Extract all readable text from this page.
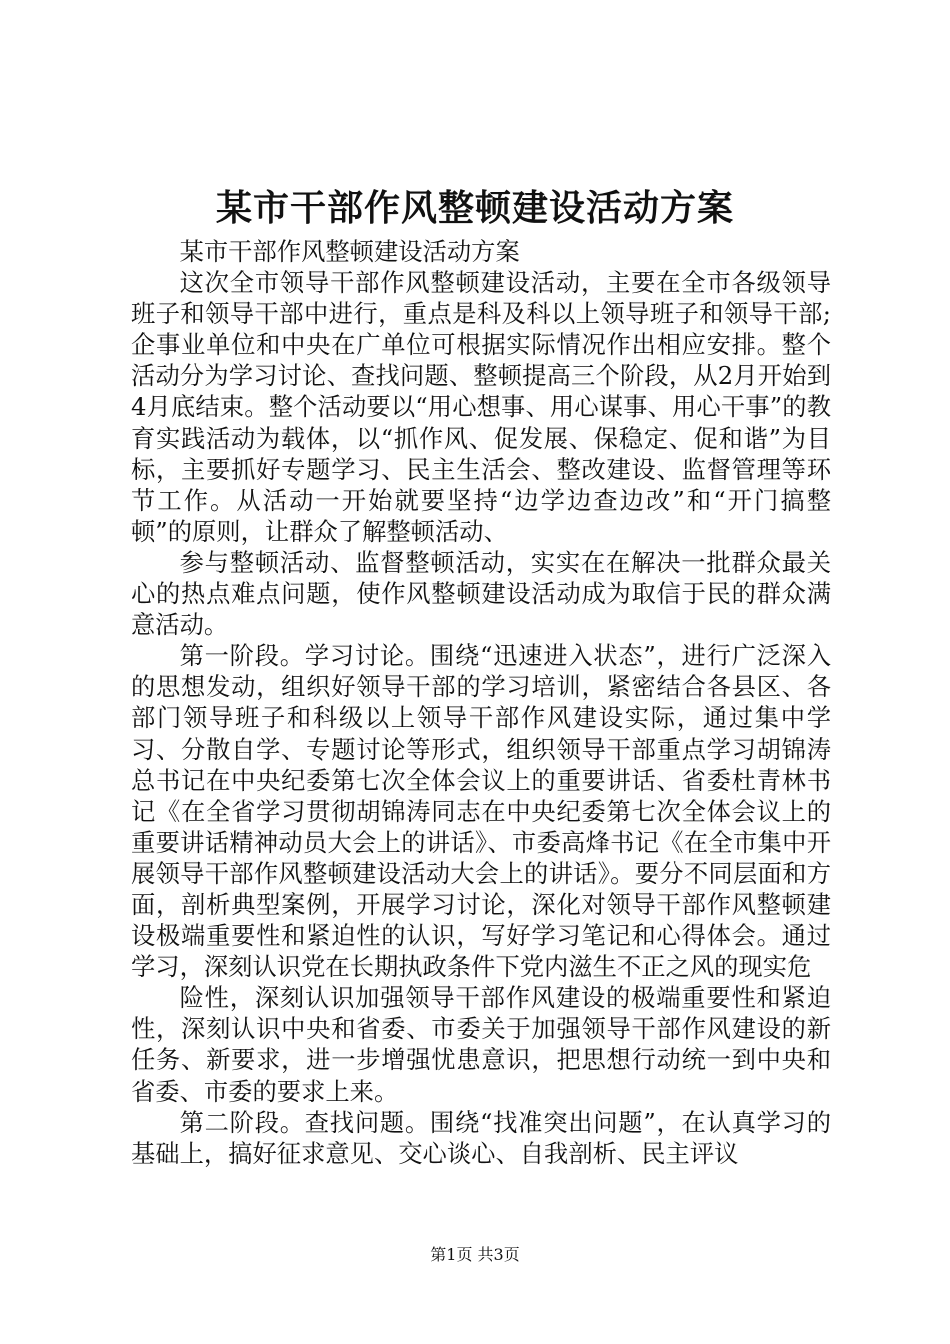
某市干部作风整顿建设活动方案

某市干部作风整顿建设活动方案

这次全市领导干部作风整顿建设活动，主要在全市各级领导班子和领导干部中进行，重点是科及科以上领导班子和领导干部;企事业单位和中央在广单位可根据实际情况作出相应安排。整个活动分为学习讨论、查找问题、整顿提高三个阶段，从2月开始到4月底结束。整个活动要以“用心想事、用心谋事、用心干事”的教育实践活动为载体，以“抓作风、促发展、保稳定、促和谐”为目标，主要抓好专题学习、民主生活会、整改建设、监督管理等环节工作。从活动一开始就要坚持“边学边查边改”和“开门搞整顿”的原则，让群众了解整顿活动、

参与整顿活动、监督整顿活动，实实在在解决一批群众最关心的热点难点问题，使作风整顿建设活动成为取信于民的群众满意活动。

第一阶段。学习讨论。围绕“迅速进入状态”，进行广泛深入的思想发动，组织好领导干部的学习培训，紧密结合各县区、各部门领导班子和科级以上领导干部作风建设实际，通过集中学习、分散自学、专题讨论等形式，组织领导干部重点学习胡锦涛总书记在中央纪委第七次全体会议上的重要讲话、省委杜青林书记《在全省学习贯彻胡锦涛同志在中央纪委第七次全体会议上的重要讲话精神动员大会上的讲话》、市委高烽书记《在全市集中开展领导干部作风整顿建设活动大会上的讲话》。要分不同层面和方面，剖析典型案例，开展学习讨论，深化对领导干部作风整顿建设极端重要性和紧迫性的认识，写好学习笔记和心得体会。通过学习，深刻认识党在长期执政条件下党内滋生不正之风的现实危

险性，深刻认识加强领导干部作风建设的极端重要性和紧迫性，深刻认识中央和省委、市委关于加强领导干部作风建设的新任务、新要求，进一步增强忧患意识，把思想行动统一到中央和省委、市委的要求上来。

第二阶段。查找问题。围绕“找准突出问题”，在认真学习的基础上，搞好征求意见、交心谈心、自我剖析、民主评议

第1页 共3页
